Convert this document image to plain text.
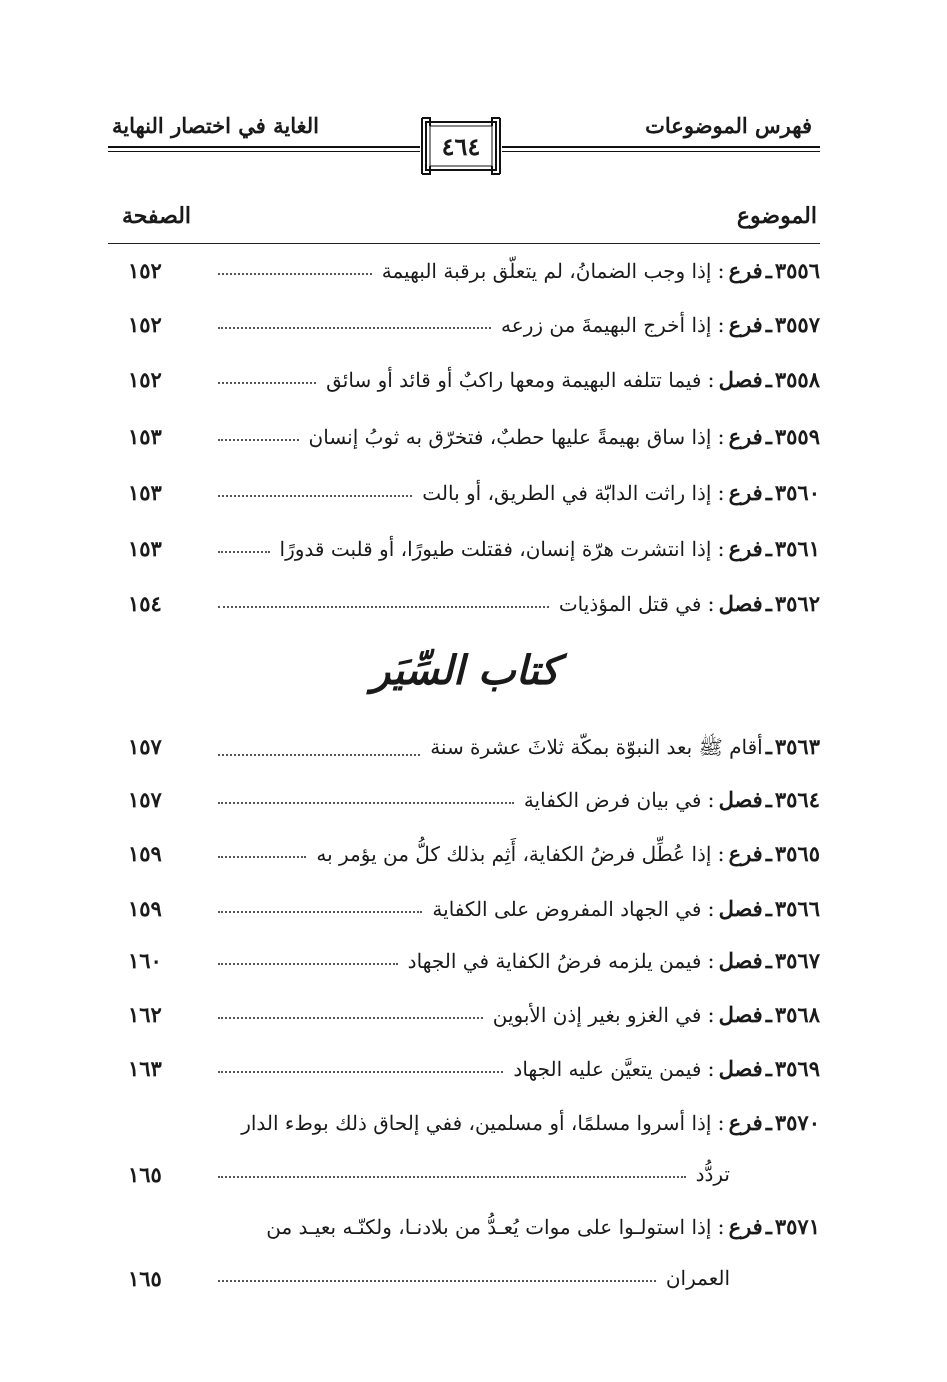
فهرس الموضوعات
الغاية في اختصار النهاية
٤٦٤
الموضوع
الصفحة
٣٥٥٦
ـ
فرع
:
إذا وجب الضمانُ، لم يتعلّق برقبة البهيمة
١٥٢
٣٥٥٧
ـ
فرع
:
إذا أخرج البهيمةَ من زرعه
١٥٢
٣٥٥٨
ـ
فصل
:
فيما تتلفه البهيمة ومعها راكبٌ أو قائد أو سائق
١٥٢
٣٥٥٩
ـ
فرع
:
إذا ساق بهيمةً عليها حطبٌ، فتخرّق به ثوبُ إنسان
١٥٣
٣٥٦٠
ـ
فرع
:
إذا راثت الدابّة في الطريق، أو بالت
١٥٣
٣٥٦١
ـ
فرع
:
إذا انتشرت هرّة إنسان، فقتلت طيورًا، أو قلبت قدورًا
١٥٣
٣٥٦٢
ـ
فصل
:
في قتل المؤذيات
١٥٤
كتاب السِّيَر
٣٥٦٣
ـ
أقام ﷺ بعد النبوّة بمكّة ثلاثَ عشرة سنة
١٥٧
٣٥٦٤
ـ
فصل
:
في بيان فرض الكفاية
١٥٧
٣٥٦٥
ـ
فرع
:
إذا عُطِّل فرضُ الكفاية، أَثِم بذلك كلُّ من يؤمر به
١٥٩
٣٥٦٦
ـ
فصل
:
في الجهاد المفروض على الكفاية
١٥٩
٣٥٦٧
ـ
فصل
:
فيمن يلزمه فرضُ الكفاية في الجهاد
١٦٠
٣٥٦٨
ـ
فصل
:
في الغزو بغير إذن الأبوين
١٦٢
٣٥٦٩
ـ
فصل
:
فيمن يتعيَّن عليه الجهاد
١٦٣
٣٥٧٠
ـ
فرع
:
إذا أسروا مسلمًا، أو مسلمين، ففي إلحاق ذلك بوطء الدار
تردُّد
١٦٥
٣٥٧١
ـ
فرع
:
إذا استولـوا على موات يُعـدُّ من بلادنـا، ولكنّـه بعيـد من
العمران
١٦٥
